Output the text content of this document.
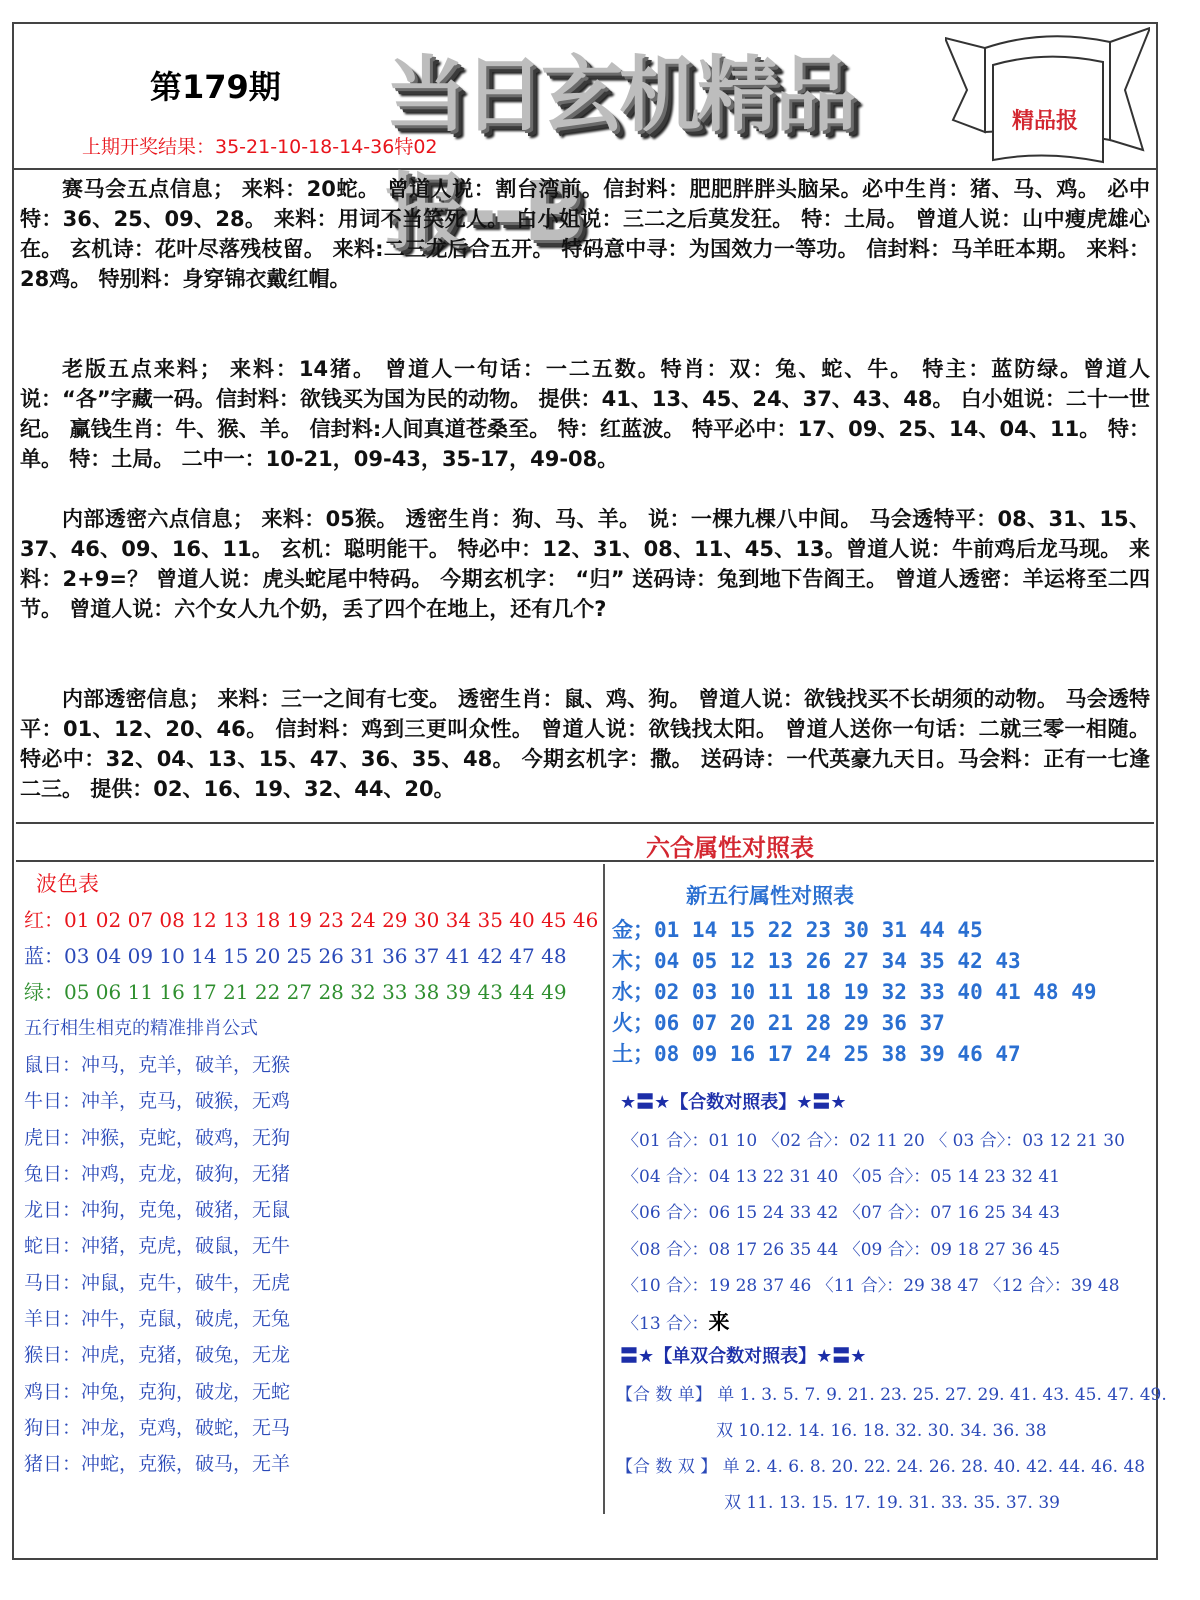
第179期 当日玄机精品报--B
精品报
上期开奖结果：35-21-10-18-14-36特02
赛马会五点信息； 来料：20蛇。 曾道人说：割台湾前。信封料：肥肥胖胖头脑呆。必中生肖：猪、马、鸡。 必中特：36、25、09、28。 来料：用词不当笑死人。 白小姐说：三二之后莫发狂。 特：土局。 曾道人说：山中瘦虎雄心在。 玄机诗：花叶尽落残枝留。 来料:二三龙后合五开。 特码意中寻：为国效力一等功。 信封料：马羊旺本期。 来料：28鸡。 特别料：身穿锦衣戴红帽。
老版五点来料； 来料：14猪。 曾道人一句话：一二五数。特肖：双：兔、蛇、牛。 特主：蓝防绿。曾道人说：“各”字藏一码。信封料：欲钱买为国为民的动物。 提供：41、13、45、24、37、43、48。 白小姐说：二十一世纪。 赢钱生肖：牛、猴、羊。 信封料:人间真道苍桑至。 特：红蓝波。 特平必中：17、09、25、14、04、11。 特：单。 特：土局。 二中一：10-21，09-43，35-17，49-08。
内部透密六点信息； 来料：05猴。 透密生肖：狗、马、羊。 说：一棵九棵八中间。 马会透特平：08、31、15、37、46、09、16、11。 玄机：聪明能干。 特必中：12、31、08、11、45、13。曾道人说：牛前鸡后龙马现。 来料：2+9=？ 曾道人说：虎头蛇尾中特码。 今期玄机字： “归” 送码诗：兔到地下告阎王。 曾道人透密：羊运将至二四节。 曾道人说：六个女人九个奶，丢了四个在地上，还有几个?
内部透密信息； 来料：三一之间有七变。 透密生肖：鼠、鸡、狗。 曾道人说：欲钱找买不长胡须的动物。 马会透特平：01、12、20、46。 信封料：鸡到三更叫众性。 曾道人说：欲钱找太阳。 曾道人送你一句话：二就三零一相随。 特必中：32、04、13、15、47、36、35、48。 今期玄机字：撒。 送码诗：一代英豪九天日。马会料：正有一七逢二三。 提供：02、16、19、32、44、20。
六合属性对照表
波色表
红：01 02 07 08 12 13 18 19 23 24 29 30 34 35 40 45 46
蓝：03 04 09 10 14 15 20 25 26 31 36 37 41 42 47 48
绿：05 06 11 16 17 21 22 27 28 32 33 38 39 43 44 49
五行相生相克的精准排肖公式
鼠日：冲马，克羊，破羊，无猴
牛日：冲羊，克马，破猴，无鸡
虎日：冲猴，克蛇，破鸡，无狗
兔日：冲鸡，克龙，破狗，无猪
龙日：冲狗，克兔，破猪，无鼠
蛇日：冲猪，克虎，破鼠，无牛
马日：冲鼠，克牛，破牛，无虎
羊日：冲牛，克鼠，破虎，无兔
猴日：冲虎，克猪，破兔，无龙
鸡日：冲兔，克狗，破龙，无蛇
狗日：冲龙，克鸡，破蛇，无马
猪日：冲蛇，克猴，破马，无羊
新五行属性对照表
金；01 14 15 22 23 30 31 44 45
木；04 05 12 13 26 27 34 35 42 43
水；02 03 10 11 18 19 32 33 40 41 48 49
火；06 07 20 21 28 29 36 37
土；08 09 16 17 24 25 38 39 46 47
★〓★【合数对照表】★〓★
〈01 合〉：01 10 〈02 合〉：02 11 20 〈 03 合〉：03 12 21 30
〈04 合〉：04 13 22 31 40 〈05 合〉：05 14 23 32 41
〈06 合〉：06 15 24 33 42 〈07 合〉：07 16 25 34 43
〈08 合〉：08 17 26 35 44 〈09 合〉：09 18 27 36 45
〈10 合〉：19 28 37 46 〈11 合〉：29 38 47 〈12 合〉：39 48
〈13 合〉：来
〓★【单双合数对照表】★〓★
【合 数 单】 单 1. 3. 5. 7. 9. 21. 23. 25. 27. 29. 41. 43. 45. 47. 49.
双 10.12. 14. 16. 18. 32. 30. 34. 36. 38
【合 数 双 】 单 2. 4. 6. 8. 20. 22. 24. 26. 28. 40. 42. 44. 46. 48
双 11. 13. 15. 17. 19. 31. 33. 35. 37. 39
